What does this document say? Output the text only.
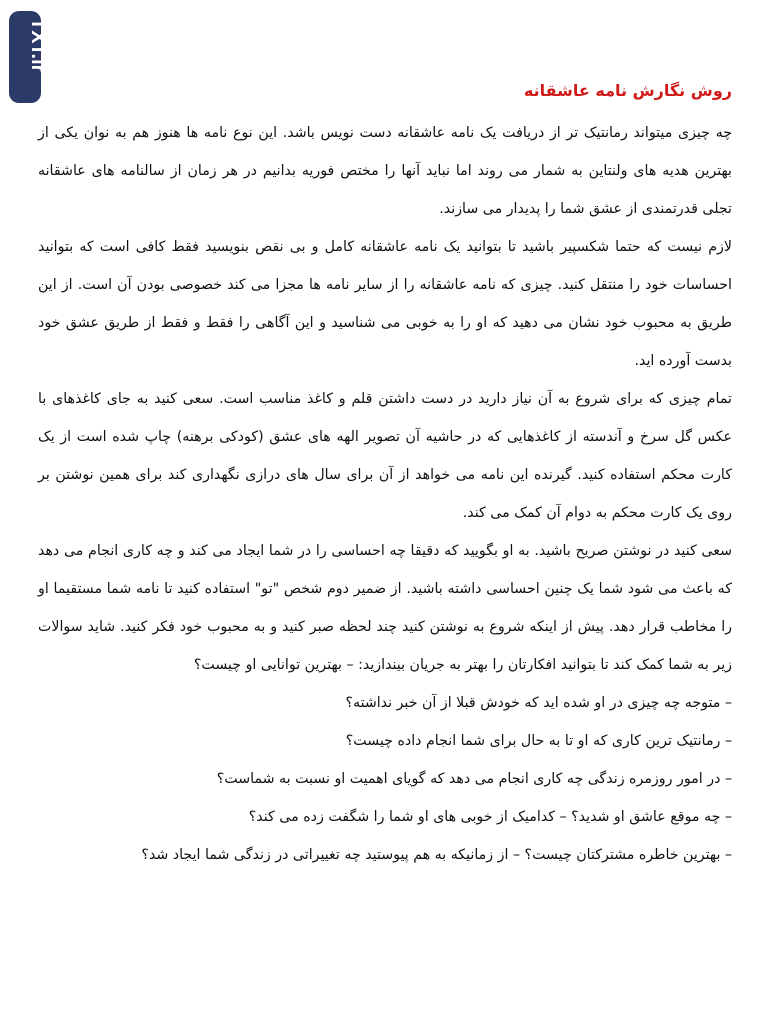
TXT.ir
روش نگارش نامه عاشقانه

چه چیزی میتواند رمانتیک تر از دریافت یک نامه عاشقانه دست نویس باشد. این نوع نامه ها هنوز هم به نوان یکی از بهترین هدیه های ولنتاین به شمار می روند اما نباید آنها را مختص فوریه بدانیم در هر زمان از سالنامه های عاشقانه تجلی قدرتمندی از عشق شما را پدیدار می سازند.

لازم نیست که حتما شکسپیر باشید تا بتوانید یک نامه عاشقانه کامل و بی نقص بنویسید فقط کافی است که بتوانید احساسات خود را منتقل کنید. چیزی که نامه عاشقانه را از سایر نامه ها مجزا می کند خصوصی بودن آن است. از این طریق به محبوب خود نشان می دهید که او را به خوبی می شناسید و این آگاهی را فقط و فقط از طریق عشق خود بدست آورده اید.

تمام چیزی که برای شروع به آن نیاز دارید در دست داشتن قلم و کاغذ مناسب است. سعی کنید به جای کاغذهای با عکس گل سرخ و آندسته از کاغذهایی که در حاشیه آن تصویر الهه های عشق (کودکی برهنه) چاپ شده است از یک کارت محکم استفاده کنید. گیرنده این نامه می خواهد از آن برای سال های درازی نگهداری کند برای همین نوشتن بر روی یک کارت محکم به دوام آن کمک می کند.

سعی کنید در نوشتن صریح باشید. به او بگویید که دقیقا چه احساسی را در شما ایجاد می کند و چه کاری انجام می دهد که باعث می شود شما یک چنین احساسی داشته باشید. از ضمیر دوم شخص "تو" استفاده کنید تا نامه شما مستقیما او را مخاطب قرار دهد. پیش از اینکه شروع به نوشتن کنید چند لحظه صبر کنید و به محبوب خود فکر کنید. شاید سوالات زیر به شما کمک کند تا بتوانید افکارتان را بهتر به جریان بیندازید: – بهترین توانایی او چیست؟

– متوجه چه چیزی در او شده اید که خودش قبلا از آن خبر نداشته؟

– رمانتیک ترین کاری که او تا به حال برای شما انجام داده چیست؟

– در امور روزمره زندگی چه کاری انجام می دهد که گویای اهمیت او نسبت به شماست؟

– چه موقع عاشق او شدید؟ – کدامیک از خوبی های او شما را شگفت زده می کند؟

– بهترین خاطره مشترکتان چیست؟ – از زمانیکه به هم پیوستید چه تغییراتی در زندگی شما ایجاد شد؟
